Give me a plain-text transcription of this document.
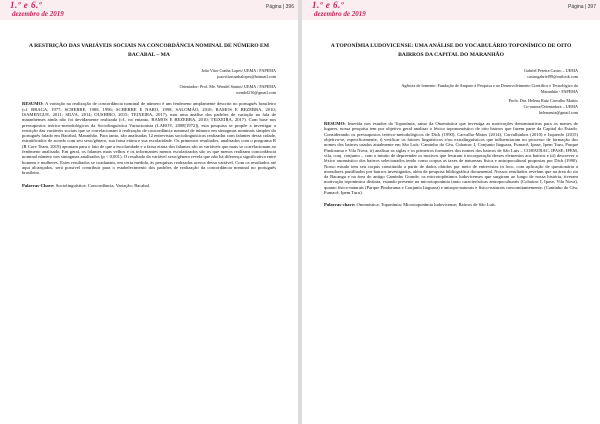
1.º e 6.º
dezembro de 2019
Página | 396

A RESTRIÇÃO DAS VARIÁVEIS SOCIAIS NA CONCORDÂNCIA NOMINAL DE NÚMERO EM BACABAL – MA

João Vitor Cunha Lopes/ UEMA / FAPEMA
joaovitorcunhalopes@hotmail.com
Orientador: Prof. Me. Wendel Santos/ UEMA / FAPEMA
wendel210@gmail.com

RESUMO: A variação na realização de concordância nominal de número é um fenômeno amplamente descrito no português brasileiro (cf. BRAGA, 1977; SCHERRE, 1988, 1996; SCHERRE E NARO, 1998; SALOMÃO, 2010; RAMOS E BEZERRA, 2010; ISAMENGUE, 2011; SILVA, 2014; OUSHIRO, 2015; TEIXEIRA, 2017), mas uma análise dos padrões de variação na fala de maranhenses ainda não foi devidamente realizada (cf., no entanto, RAMOS E BEZERRA, 2010; TEIXEIRA, 2017). Com base nos pressupostos teórico-metodológicos da Sociolinguística Variacionista (LABOV, 2008[1972]), esta pesquisa se propõe a investigar a restrição das variáveis sociais que se correlacionam à realização de concordância nominal de número em sintagmas nominais simples do português falado em Bacabal, Maranhão. Para tanto, são analisadas 12 entrevistas sociolinguísticas realizadas com falantes dessa cidade, estratificados de acordo com seu sexo/gênero, sua faixa etária e sua escolaridade. Os primeiros resultados, analisados com o programa R (R Core Team, 2019) apontam para o fato de que a escolaridade e a faixa etária dos falantes são as variáveis que mais se correlacionam ao fenômeno analisado. Em geral, os falantes mais velhos e os informantes menos escolarizados são os que menos realizam concordância nominal número nos sintagmas analisados (p < 0,001). O resultado da variável sexo/gênero revela que não há diferença significativa entre homens e mulheres. Estes resultados se coadunam, em certa medida, às pesquisas realizadas acerca dessa variável. Com os resultados até aqui alcançados, será possível contribuir para o estabelecimento dos padrões de realização da concordância nominal no português brasileiro.

Palavras-Chave: Sociolinguística; Concordância; Variação; Bacabal.

1.º e 6.º
dezembro de 2019
Página | 397

A TOPONÍMIA LUDOVICENSE: UMA ANÁLISE DO VOCABULÁRIO TOPONÍMICO DE OITO BAIRROS DA CAPITAL DO MARANHÃO

Gabriel Pereira Castro – UEMA
castrogabriel99@outlook.com
Agência de fomento: Fundação de Amparo à Pesquisa e ao Desenvolvimento Científico e Tecnológico do Maranhão - FAPEMA
Profa. Dra. Helena Ruiz Carvalho Mattos
Co-autora/Orientadora – UEMA
helenaruiz@gmail.com

RESUMO: Inserida nos estudos da Toponímia, ramo da Onomástica que investiga as motivações denominativas para os nomes de lugares, nossa pesquisa tem por objetivo geral analisar o léxico toponomástico de oito bairros que fazem parte da Capital do Estado. Considerando os pressupostos teórico-metodológicos de Dick (1990), Carvalho-Matos (2014), Carvalhinhos (2010) e Isquerdo (2015) objetiva-se, especificamente, i) verificar os fatores linguísticos e/ou extralinguísticos que influenciaram no processo de formação dos nomes dos bairros usados atualmente em São Luís: Caminho do Céu, Cohatrac I, Conjunto Itaguara, Fumacê, Ipase, Ipem Turu, Parque Pindorama e Vila Nova; ii) analisar as siglas e os primeiros formantes dos nomes dos bairros de São Luís – COHATRAC, IPASE, IPEM, vila, conj. conjunto – com o intuito de depreender os motivos que levaram à incorporação desses elementos aos bairros e iii) descrever o léxico onomástico dos bairros selecionados tendo como corpus as taxes de naturezas física e antropocultural propostas por Dick (1990). Nosso estudo tem seu corpus constituído a partir de dados obtidos por meio de entrevistas in loco, com aplicação de questionário a moradores partilhados por bairros investigados, além de pesquisa bibliográfica documental. Nossos resultados revelam que na área do rio da Bacanga e na área do antigo Caminho Grande, os microtopônimos ludovicenses que surgiram ao longo de nossa história, tiveram motivação toponímica distinta, estando presente na microtoponímia tanto características antropoculturais (Cohatrac I, Ipase, Vila Nova), quanto físico-naturais (Parque Pindorama e Conjunto Itaguara) e antropo-naturais e físico-naturais concomitantemente, (Caminho do Céu, Fumacê, Ipem Turu).

Palavras-chave: Onomástica; Toponímia; Microtoponímia ludovicense; Bairros de São Luís.
